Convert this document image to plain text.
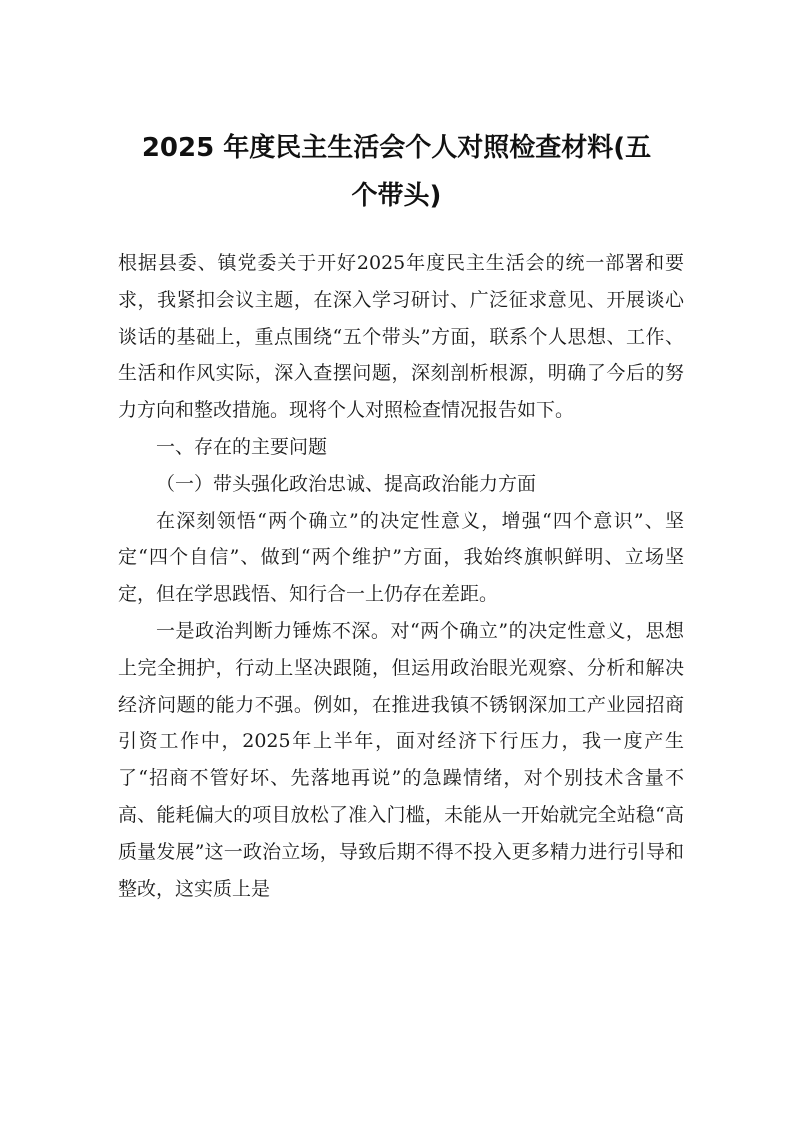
2025 年度民主生活会个人对照检查材料(五
个带头)

根据县委、镇党委关于开好2025年度民主生活会的统一部署和要求，我紧扣会议主题，在深入学习研讨、广泛征求意见、开展谈心谈话的基础上，重点围绕“五个带头”方面，联系个人思想、工作、生活和作风实际，深入查摆问题，深刻剖析根源，明确了今后的努力方向和整改措施。现将个人对照检查情况报告如下。

一、存在的主要问题

（一）带头强化政治忠诚、提高政治能力方面

在深刻领悟“两个确立”的决定性意义，增强“四个意识”、坚定“四个自信”、做到“两个维护”方面，我始终旗帜鲜明、立场坚定，但在学思践悟、知行合一上仍存在差距。

一是政治判断力锤炼不深。对“两个确立”的决定性意义，思想上完全拥护，行动上坚决跟随，但运用政治眼光观察、分析和解决经济问题的能力不强。例如，在推进我镇不锈钢深加工产业园招商引资工作中，2025年上半年，面对经济下行压力，我一度产生了“招商不管好坏、先落地再说”的急躁情绪，对个别技术含量不高、能耗偏大的项目放松了准入门槛，未能从一开始就完全站稳“高质量发展”这一政治立场，导致后期不得不投入更多精力进行引导和整改，这实质上是
